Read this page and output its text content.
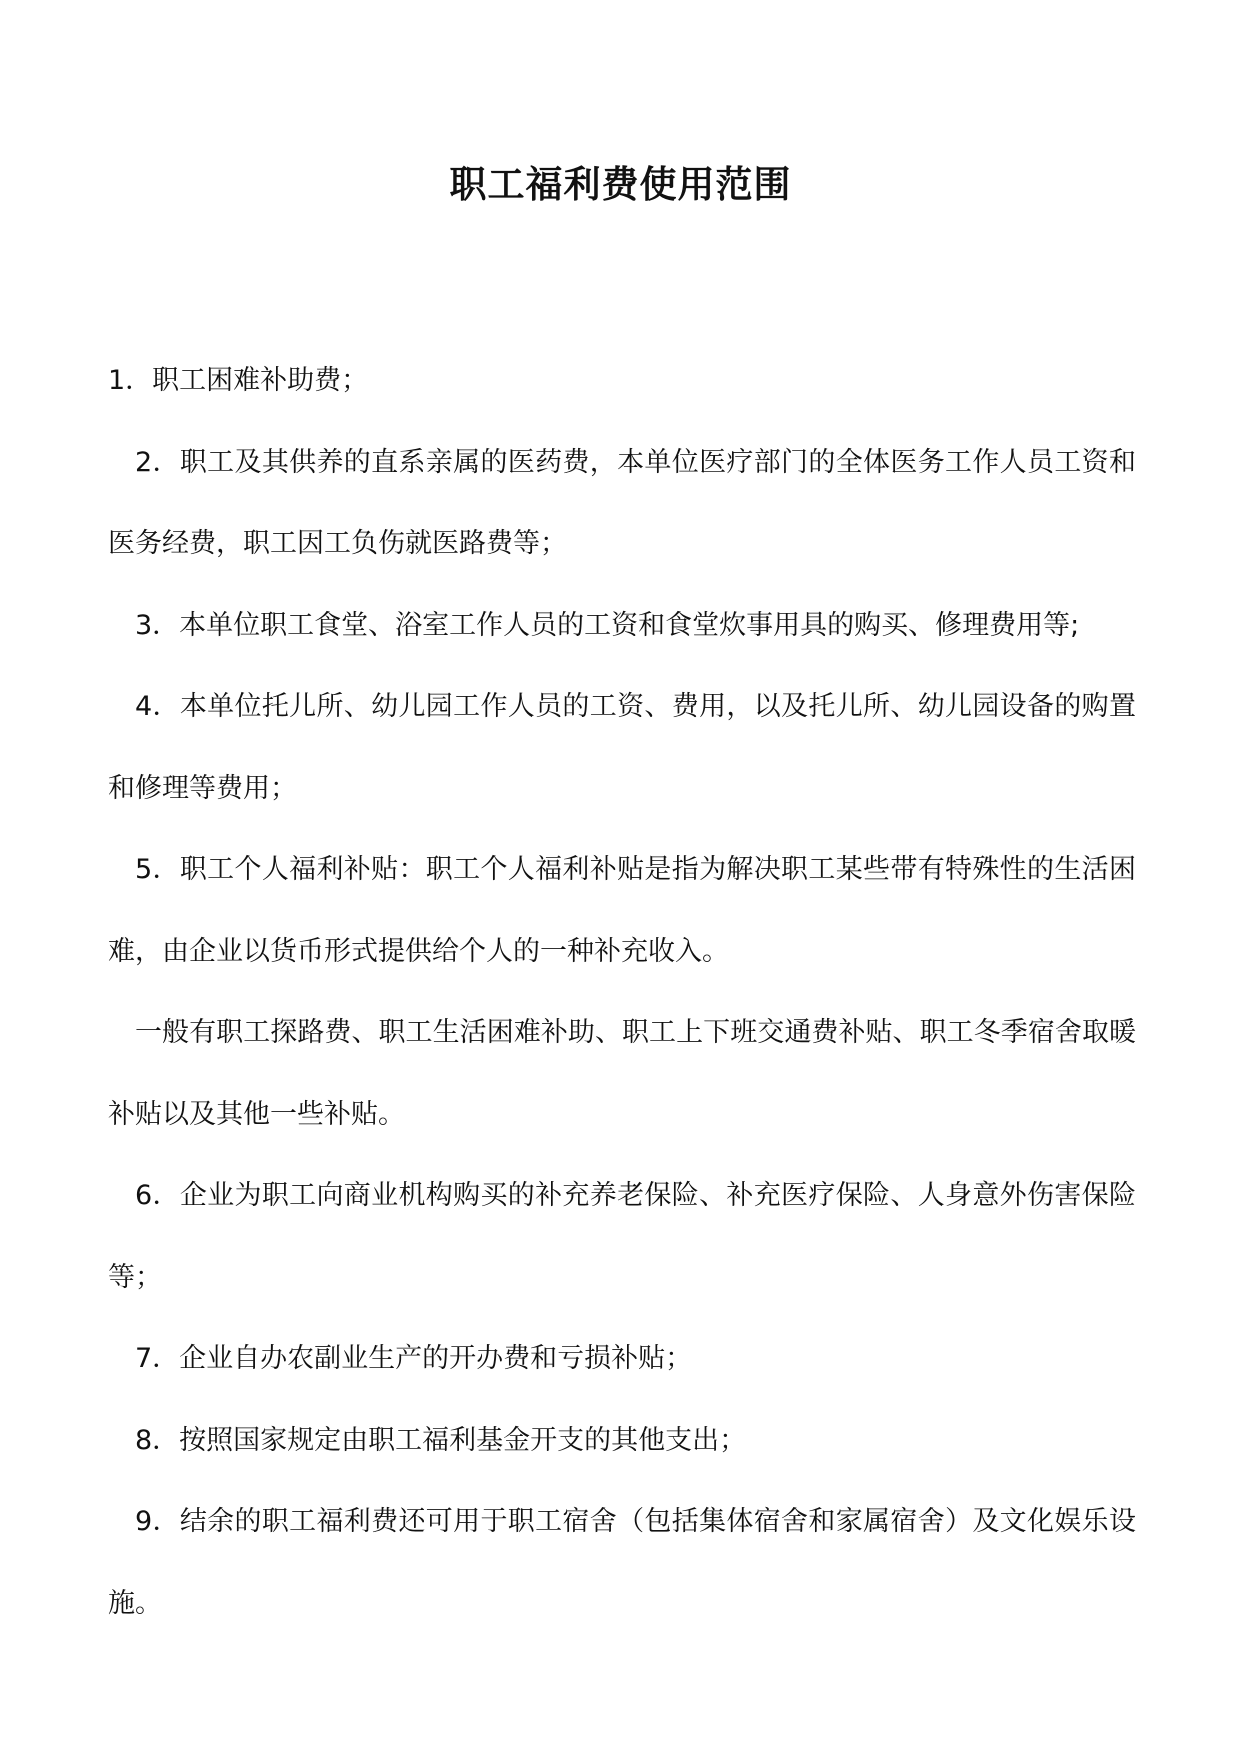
职工福利费使用范围

1．职工困难补助费；

2．职工及其供养的直系亲属的医药费，本单位医疗部门的全体医务工作人员工资和医务经费，职工因工负伤就医路费等；

3．本单位职工食堂、浴室工作人员的工资和食堂炊事用具的购买、修理费用等;

4．本单位托儿所、幼儿园工作人员的工资、费用，以及托儿所、幼儿园设备的购置和修理等费用；

5．职工个人福利补贴：职工个人福利补贴是指为解决职工某些带有特殊性的生活困难，由企业以货币形式提供给个人的一种补充收入。

一般有职工探路费、职工生活困难补助、职工上下班交通费补贴、职工冬季宿舍取暖补贴以及其他一些补贴。

6．企业为职工向商业机构购买的补充养老保险、补充医疗保险、人身意外伤害保险等；

7．企业自办农副业生产的开办费和亏损补贴；

8．按照国家规定由职工福利基金开支的其他支出；

9．结余的职工福利费还可用于职工宿舍（包括集体宿舍和家属宿舍）及文化娱乐设施。
